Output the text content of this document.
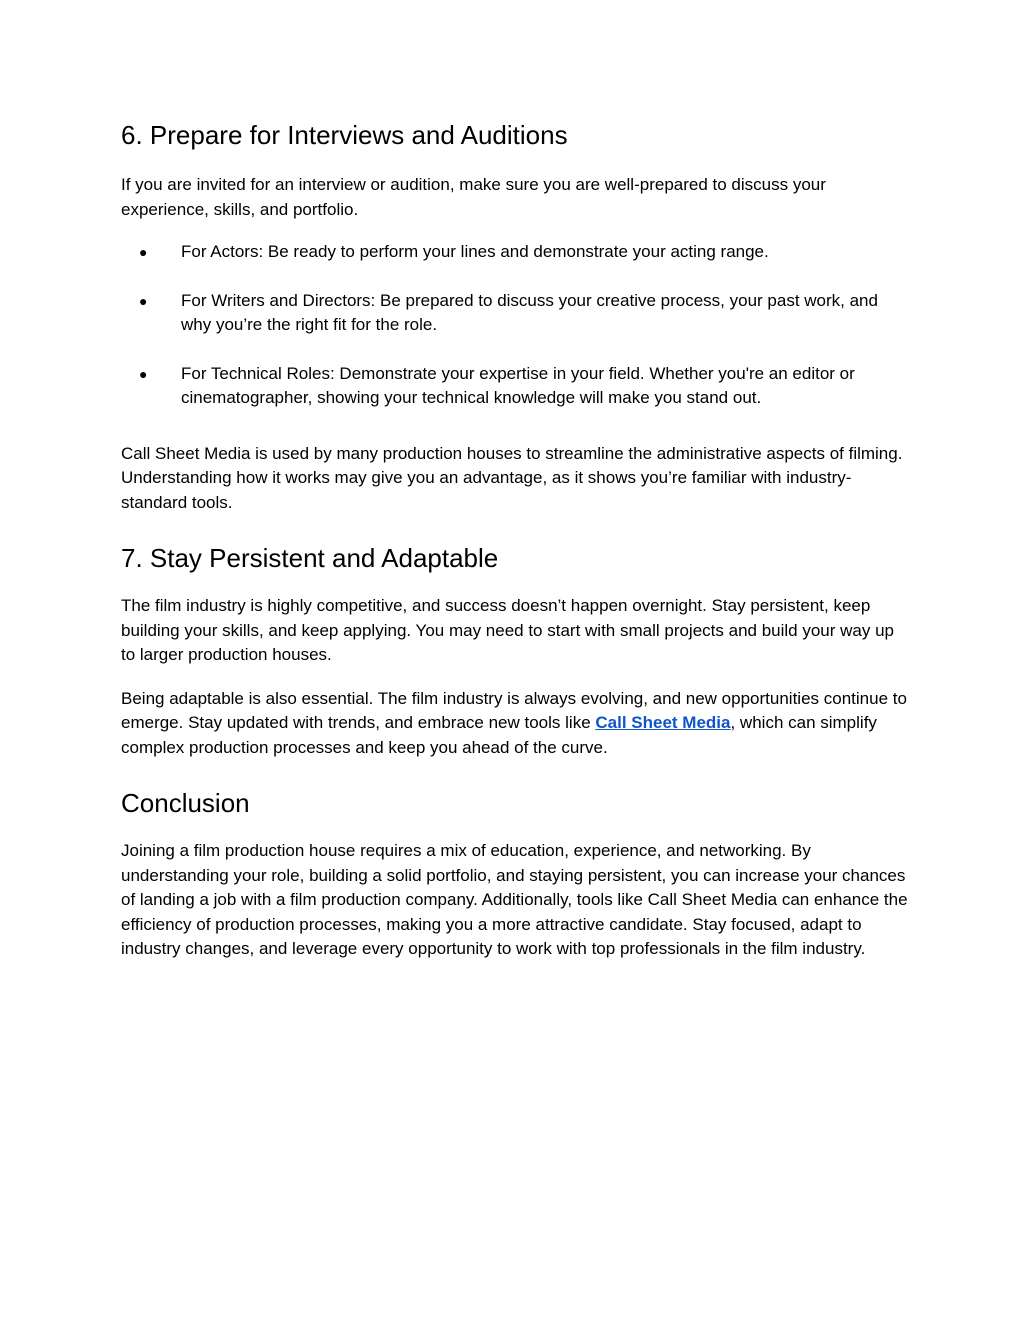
6. Prepare for Interviews and Auditions

If you are invited for an interview or audition, make sure you are well-prepared to discuss your experience, skills, and portfolio.

● For Actors: Be ready to perform your lines and demonstrate your acting range.
● For Writers and Directors: Be prepared to discuss your creative process, your past work, and why you’re the right fit for the role.
● For Technical Roles: Demonstrate your expertise in your field. Whether you're an editor or cinematographer, showing your technical knowledge will make you stand out.

Call Sheet Media is used by many production houses to streamline the administrative aspects of filming. Understanding how it works may give you an advantage, as it shows you’re familiar with industry-standard tools.

7. Stay Persistent and Adaptable

The film industry is highly competitive, and success doesn’t happen overnight. Stay persistent, keep building your skills, and keep applying. You may need to start with small projects and build your way up to larger production houses.

Being adaptable is also essential. The film industry is always evolving, and new opportunities continue to emerge. Stay updated with trends, and embrace new tools like Call Sheet Media, which can simplify complex production processes and keep you ahead of the curve.

Conclusion

Joining a film production house requires a mix of education, experience, and networking. By understanding your role, building a solid portfolio, and staying persistent, you can increase your chances of landing a job with a film production company. Additionally, tools like Call Sheet Media can enhance the efficiency of production processes, making you a more attractive candidate. Stay focused, adapt to industry changes, and leverage every opportunity to work with top professionals in the film industry.
